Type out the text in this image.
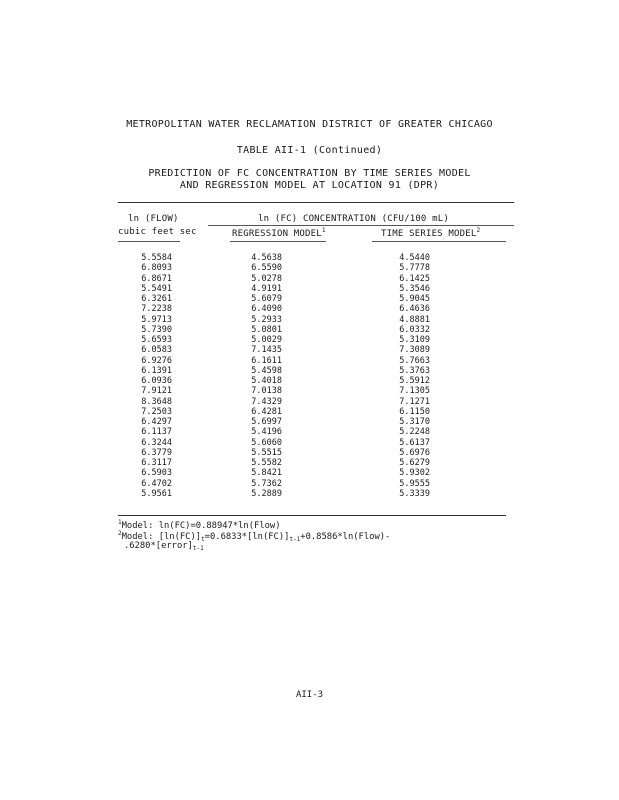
METROPOLITAN WATER RECLAMATION DISTRICT OF GREATER CHICAGO
TABLE AII-1 (Continued)
PREDICTION OF FC CONCENTRATION BY TIME SERIES MODEL
AND REGRESSION MODEL AT LOCATION 91 (DPR)
ln (FLOW)
cubic feet sec
ln (FC) CONCENTRATION (CFU/100 mL)
REGRESSION MODEL$^1$	TIME SERIES MODEL$^2$
5.5584
6.8093
6.8671
5.5491
6.3261
7.2238
5.9713
5.7390
5.6593
6.0583
6.9276
6.1391
6.0936
7.9121
8.3648
7.2503
6.4297
6.1137
6.3244
6.3779
6.3117
6.5903
6.4702
5.9561
4.5638
6.5590
5.0278
4.9191
5.6079
6.4090
5.2933
5.0801
5.0029
7.1435
6.1611
5.4598
5.4018
7.0138
7.4329
6.4281
5.6997
5.4196
5.6060
5.5515
5.5582
5.8421
5.7362
5.2889
4.5440
5.7778
6.1425
5.3546
5.9045
6.4636
4.8881
6.0332
5.3109
7.3089
5.7663
5.3763
5.5912
7.1305
7.1271
6.1150
5.3170
5.2248
5.6137
5.6976
5.6279
5.9302
5.9555
5.3339
$^1$Model: ln(FC)=0.88947*ln(Flow)
$^2$Model: $[\ln(FC)]_t=0.6833*[\ln(FC)]_{t-1}+0.8586*\ln(Flow)-$
$.6280*[error]_{t-1}$
AII-3
